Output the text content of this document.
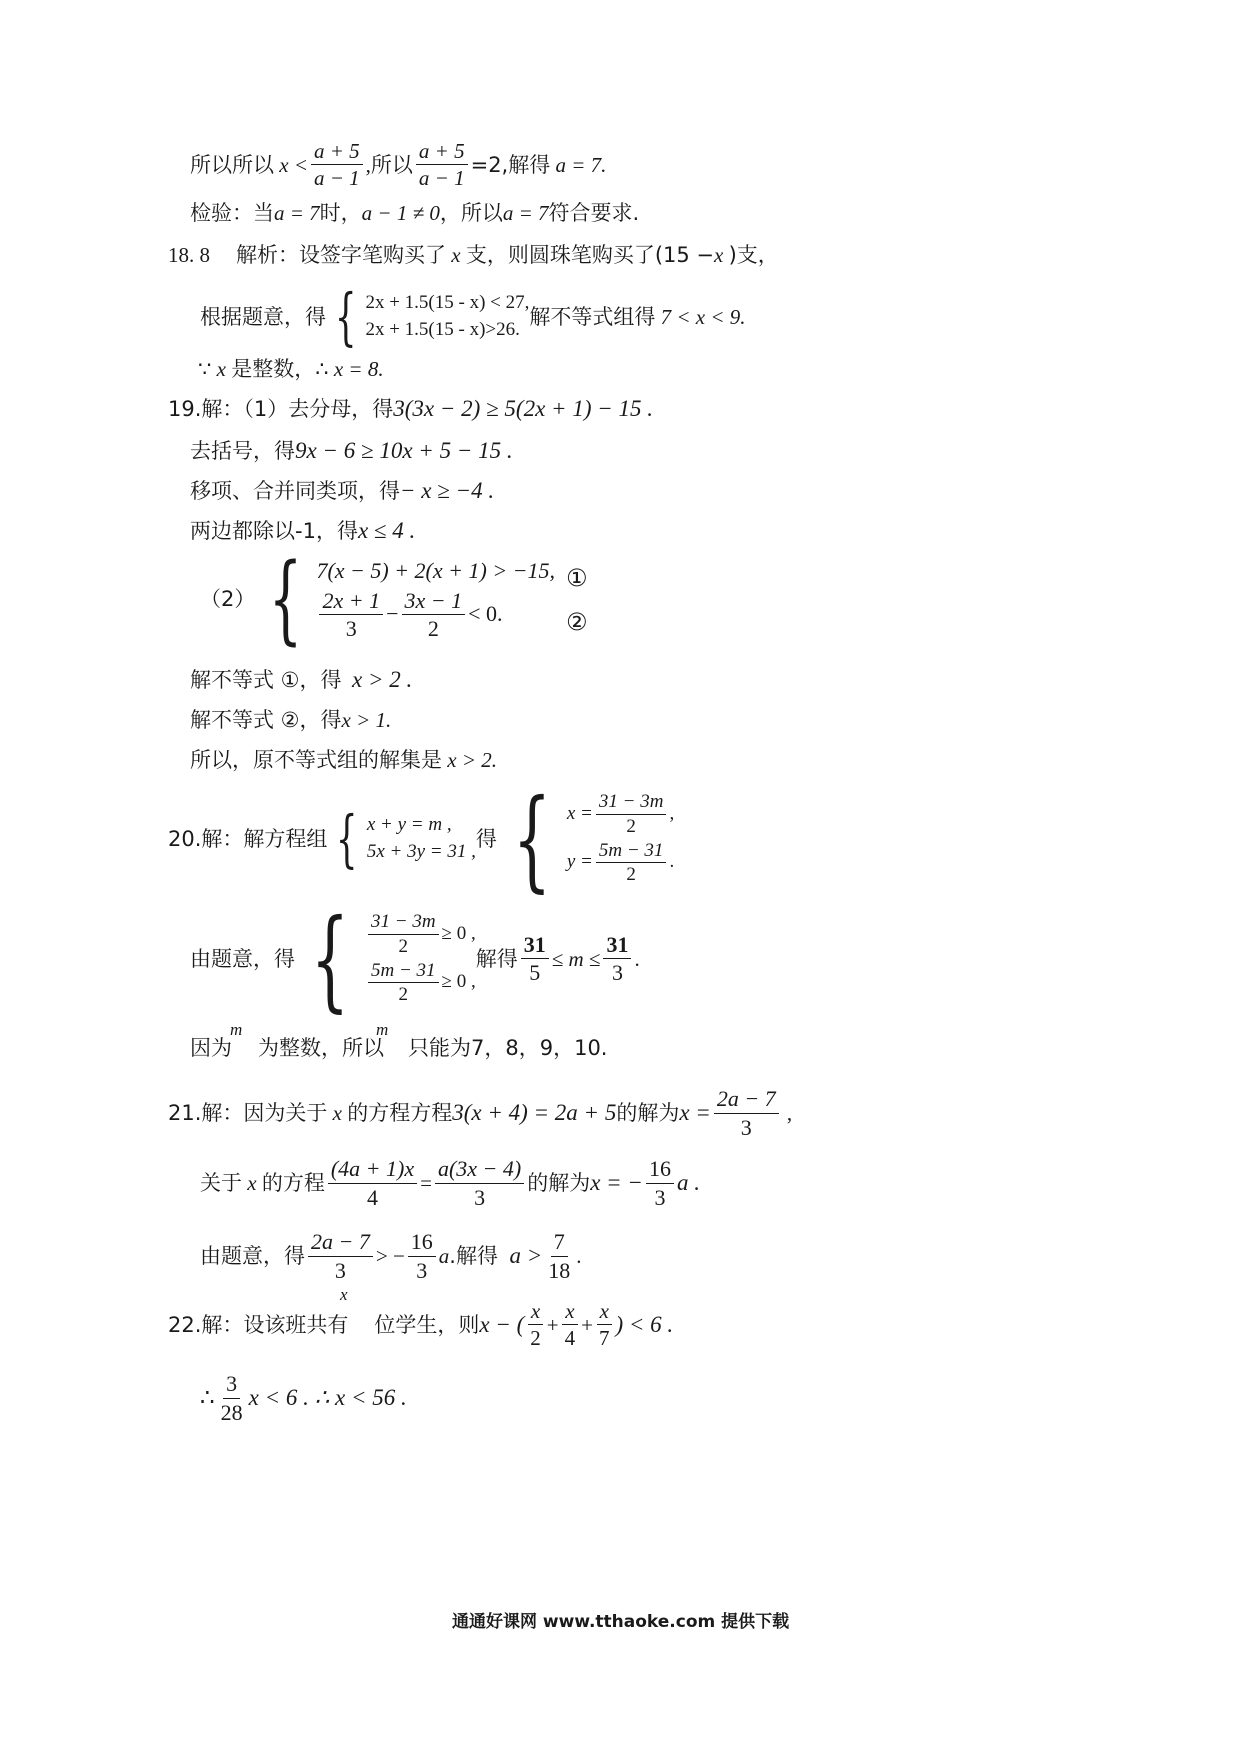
所以所以 $x < \frac{a + 5}{a - 1}$ , 所以 $\frac{a + 5}{a - 1} =2$,解得
a = 7.
检验：当 a = 7 时， a − 1 ≠ 0 ，所以 a = 7 符合要求.
18. 8 解析：设签字笔购买了 x 支，则圆珠笔购买了(15 − x )支，
根据题意，得 { 2x + 1.5(15 - x) < 27,
2x + 1.5(15 - x)>26.
解不等式组得
7 < x < 9.
∵ x 是整数，∴
x = 8.
19.解：（1）去分母，得 3(3x − 2) ≥ 5(2x + 1) − 15 .
去括号，得 9x − 6 ≥ 10x + 5 − 15 .
移项、合并同类项，得 − x ≥ −4 .
两边都除以-1，得 x ≤ 4 .
（2） { 7(x − 5) + 2(x + 1) > −15,
$\frac{2x + 1}{3} - \frac{3x - 1}{2} < 0$.
①
②
解不等式 ①，得
x > 2 .
解不等式 ②，得 x > 1.
所以，原不等式组的解集是
x > 2.
20.解：解方程组 { x + y = m ,
5x + 3y = 31 ,
得 { $x = \frac{31 - 3m}{2}$ ,
$y = \frac{5m - 31}{2}$ .
由题意，得 { $\frac{31 - 3m}{2} \ge 0$ ,
$\frac{5m - 31}{2} \ge 0$ ,
解得 $\frac{31}{5} \le m \le \frac{31}{3}$ .
因为 为整数，所以 只能为7，8，9，10.
m	m
21.解：因为关于 x 的方程方程 3(x + 4) = 2a + 5 的解为 $x = \frac{2a - 7}{3}$ ,
关于 x 的方程 $\frac{(4a + 1)x}{4} = \frac{a(3x - 4)}{3}$ 的解为 x = − $\frac{16}{3}$ a .
由题意，得 $\frac{2a - 7}{3}$ > − $\frac{16}{3}$ a .解得 $a > \frac{7}{18}$ .
22.解：设该班共有 位学生，则 x − ( $\frac{x}{2} + \frac{x}{4} + \frac{x}{7}$ ) < 6 .
x
∴ $\frac{3}{28}$ x < 6 . ∴ x < 56 .
通通好课网 www.tthaoke.com 提供下载
